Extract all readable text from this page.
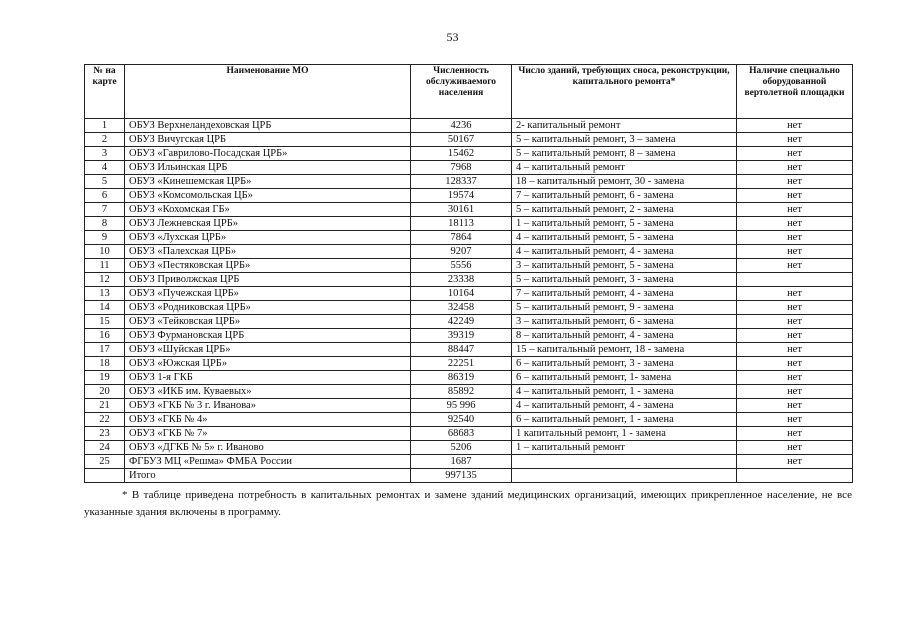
53
№ на карте	Наименование МО	Численность обслуживаемого населения	Число зданий, требующих сноса, реконструкции, капитального ремонта*	Наличие специально оборудованной вертолетной площадки
1	ОБУЗ Верхнеландеховская ЦРБ	4236	2- капитальный ремонт	нет
2	ОБУЗ Вичугская ЦРБ	50167	5 – капитальный ремонт, 3 – замена	нет
3	ОБУЗ «Гаврилово-Посадская ЦРБ»	15462	5 – капитальный ремонт, 8 – замена	нет
4	ОБУЗ Ильинская ЦРБ	7968	4 – капитальный ремонт	нет
5	ОБУЗ «Кинешемская ЦРБ»	128337	18 – капитальный ремонт, 30 - замена	нет
6	ОБУЗ «Комсомольская ЦБ»	19574	7 – капитальный ремонт, 6 - замена	нет
7	ОБУЗ «Кохомская ГБ»	30161	5 – капитальный ремонт, 2 - замена	нет
8	ОБУЗ Лежневская ЦРБ»	18113	1 – капитальный ремонт, 5 - замена	нет
9	ОБУЗ «Лухская ЦРБ»	7864	4 – капитальный ремонт, 5 - замена	нет
10	ОБУЗ «Палехская ЦРБ»	9207	4 – капитальный ремонт, 4 - замена	нет
11	ОБУЗ «Пестяковская ЦРБ»	5556	3 – капитальный ремонт, 5 - замена	нет
12	ОБУЗ Приволжская ЦРБ	23338	5 – капитальный ремонт, 3 - замена	
13	ОБУЗ «Пучежская ЦРБ»	10164	7 – капитальный ремонт, 4 - замена	нет
14	ОБУЗ «Родниковская ЦРБ»	32458	5 – капитальный ремонт, 9 - замена	нет
15	ОБУЗ «Тейковская ЦРБ»	42249	3 – капитальный ремонт, 6 - замена	нет
16	ОБУЗ Фурмановская ЦРБ	39319	8 – капитальный ремонт, 4 - замена	нет
17	ОБУЗ «Шуйская ЦРБ»	88447	15 – капитальный ремонт, 18 - замена	нет
18	ОБУЗ «Южская ЦРБ»	22251	6 – капитальный ремонт, 3 - замена	нет
19	ОБУЗ 1-я ГКБ	86319	6 – капитальный ремонт, 1- замена	нет
20	ОБУЗ «ИКБ им. Куваевых»	85892	4 – капитальный ремонт, 1 - замена	нет
21	ОБУЗ «ГКБ № 3 г. Иванова»	95 996	4 – капитальный ремонт, 4 - замена	нет
22	ОБУЗ «ГКБ № 4»	92540	6 – капитальный ремонт, 1 - замена	нет
23	ОБУЗ «ГКБ № 7»	68683	1 капитальный ремонт, 1 - замена	нет
24	ОБУЗ «ДГКБ № 5» г. Иваново	5206	1 – капитальный ремонт	нет
25	ФГБУЗ МЦ «Решма» ФМБА России	1687		нет
	Итого	997135		
* В таблице приведена потребность в капитальных ремонтах и замене зданий медицинских организаций, имеющих прикрепленное население, не все указанные здания включены в программу.
